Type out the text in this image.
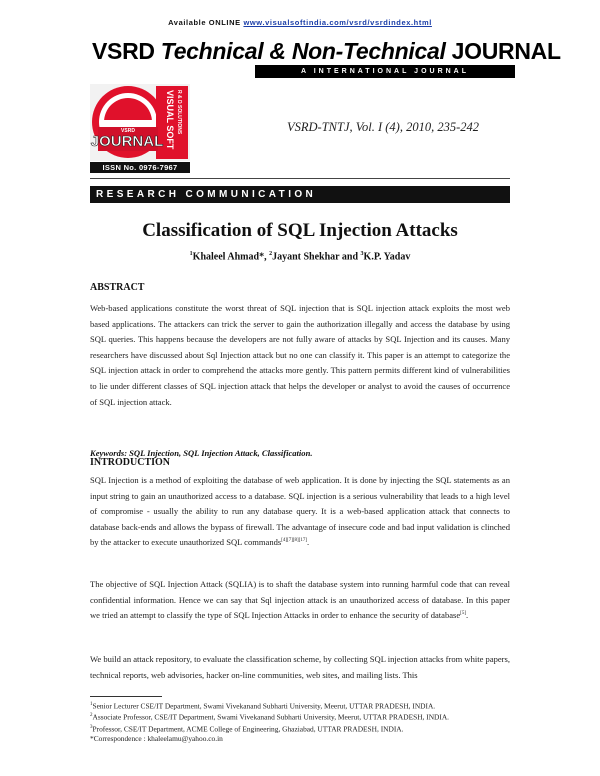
Available ONLINE www.visualsoftindia.com/vsrd/vsrdindex.html
VSRD Technical & Non-Technical JOURNAL
A INTERNATIONAL JOURNAL
VISUAL SOFT R & D SOLUTIONS
VSRD
JOURNAL
ISSN No. 0976-7967
VSRD-TNTJ, Vol. I (4), 2010, 235-242
RESEARCH COMMUNICATION
Classification of SQL Injection Attacks
$^1$Khaleel Ahmad*, $^2$Jayant Shekhar and $^3$K.P. Yadav
ABSTRACT
Web-based applications constitute the worst threat of SQL injection that is SQL injection attack exploits the most web based applications. The attackers can trick the server to gain the authorization illegally and access the database by using SQL queries. This happens because the developers are not fully aware of attacks by SQL Injection and its causes. Many researchers have discussed about Sql Injection attack but no one can classify it. This paper is an attempt to categorize the SQL injection attack in order to comprehend the attacks more gently. This pattern permits different kind of vulnerabilities to lie under different classes of SQL injection attack that helps the developer or analyst to avoid the causes of occurrence of SQL injection attack.
Keywords: SQL Injection, SQL Injection Attack, Classification.
INTRODUCTION
SQL Injection is a method of exploiting the database of web application. It is done by injecting the SQL statements as an input string to gain an unauthorized access to a database. SQL injection is a serious vulnerability that leads to a high level of compromise - usually the ability to run any database query. It is a web-based application attack that connects to database back-ends and allows the bypass of firewall. The advantage of insecure code and bad input validation is clinched by the attacker to execute unauthorized SQL commands[4][7][8][17].
The objective of SQL Injection Attack (SQLIA) is to shaft the database system into running harmful code that can reveal confidential information. Hence we can say that Sql injection attack is an unauthorized access of database. In this paper we tried an attempt to classify the type of SQL Injection Attacks in order to enhance the security of database[5].
We build an attack repository, to evaluate the classification scheme, by collecting SQL injection attacks from white papers, technical reports, web advisories, hacker on-line communities, web sites, and mailing lists. This
$^1$Senior Lecturer CSE/IT Department, Swami Vivekanand Subharti University, Meerut, UTTAR PRADESH, INDIA.
$^2$Associate Professor, CSE/IT Department, Swami Vivekanand Subharti University, Meerut, UTTAR PRADESH, INDIA.
$^3$Professor, CSE/IT Department, ACME College of Engineering, Ghaziabad, UTTAR PRADESH, INDIA.
*Correspondence : khaleelamu@yahoo.co.in
